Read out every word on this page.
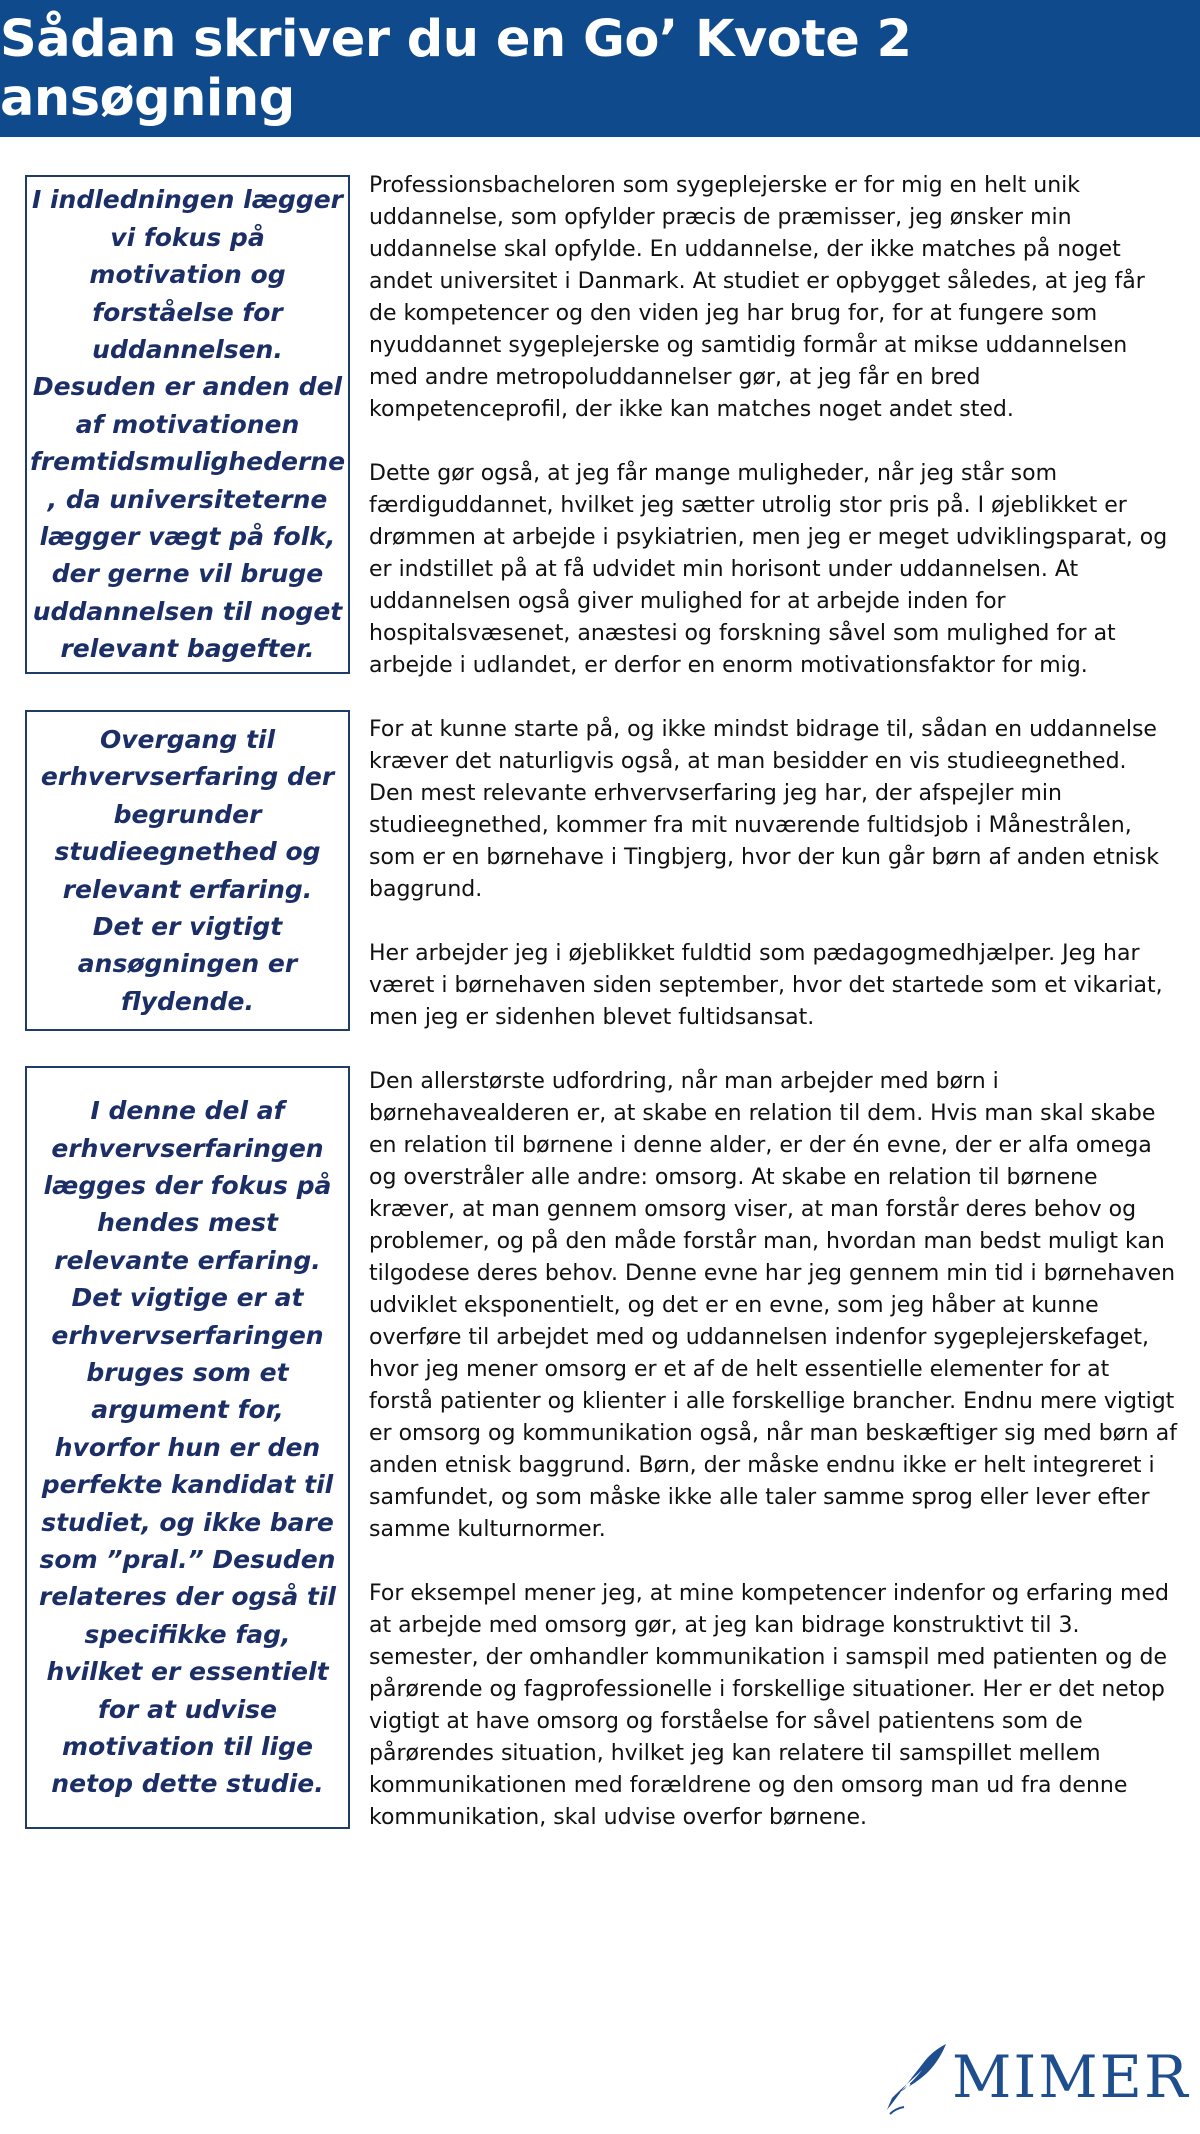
Sådan skriver du en Go’ Kvote 2 ansøgning
I indledningen lægger vi fokus på motivation og forståelse for uddannelsen. Desuden er anden del af motivationen fremtidsmulighederne , da universiteterne lægger vægt på folk, der gerne vil bruge uddannelsen til noget relevant bagefter.
Overgang til erhvervserfaring der begrunder studieegnethed og relevant erfaring. Det er vigtigt ansøgningen er flydende.
I denne del af erhvervserfaringen lægges der fokus på hendes mest relevante erfaring. Det vigtige er at erhvervserfaringen bruges som et argument for, hvorfor hun er den perfekte kandidat til studiet, og ikke bare som ”pral.” Desuden relateres der også til specifikke fag, hvilket er essentielt for at udvise motivation til lige netop dette studie.

Professionsbacheloren som sygeplejerske er for mig en helt unik uddannelse, som opfylder præcis de præmisser, jeg ønsker min uddannelse skal opfylde. En uddannelse, der ikke matches på noget andet universitet i Danmark. At studiet er opbygget således, at jeg får de kompetencer og den viden jeg har brug for, for at fungere som nyuddannet sygeplejerske og samtidig formår at mikse uddannelsen med andre metropoluddannelser gør, at jeg får en bred kompetenceprofil, der ikke kan matches noget andet sted.

Dette gør også, at jeg får mange muligheder, når jeg står som færdiguddannet, hvilket jeg sætter utrolig stor pris på. I øjeblikket er drømmen at arbejde i psykiatrien, men jeg er meget udviklingsparat, og er indstillet på at få udvidet min horisont under uddannelsen. At uddannelsen også giver mulighed for at arbejde inden for hospitalsvæsenet, anæstesi og forskning såvel som mulighed for at arbejde i udlandet, er derfor en enorm motivationsfaktor for mig.

For at kunne starte på, og ikke mindst bidrage til, sådan en uddannelse kræver det naturligvis også, at man besidder en vis studieegnethed. Den mest relevante erhvervserfaring jeg har, der afspejler min studieegnethed, kommer fra mit nuværende fultidsjob i Månestrålen, som er en børnehave i Tingbjerg, hvor der kun går børn af anden etnisk baggrund.

Her arbejder jeg i øjeblikket fuldtid som pædagogmedhjælper. Jeg har været i børnehaven siden september, hvor det startede som et vikariat, men jeg er sidenhen blevet fultidsansat.

Den allerstørste udfordring, når man arbejder med børn i børnehavealderen er, at skabe en relation til dem. Hvis man skal skabe en relation til børnene i denne alder, er der én evne, der er alfa omega og overstråler alle andre: omsorg. At skabe en relation til børnene kræver, at man gennem omsorg viser, at man forstår deres behov og problemer, og på den måde forstår man, hvordan man bedst muligt kan tilgodese deres behov. Denne evne har jeg gennem min tid i børnehaven udviklet eksponentielt, og det er en evne, som jeg håber at kunne overføre til arbejdet med og uddannelsen indenfor sygeplejerskefaget, hvor jeg mener omsorg er et af de helt essentielle elementer for at forstå patienter og klienter i alle forskellige brancher. Endnu mere vigtigt er omsorg og kommunikation også, når man beskæftiger sig med børn af anden etnisk baggrund. Børn, der måske endnu ikke er helt integreret i samfundet, og som måske ikke alle taler samme sprog eller lever efter samme kulturnormer.

For eksempel mener jeg, at mine kompetencer indenfor og erfaring med at arbejde med omsorg gør, at jeg kan bidrage konstruktivt til 3. semester, der omhandler kommunikation i samspil med patienten og de pårørende og fagprofessionelle i forskellige situationer. Her er det netop vigtigt at have omsorg og forståelse for såvel patientens som de pårørendes situation, hvilket jeg kan relatere til samspillet mellem kommunikationen med forældrene og den omsorg man ud fra denne kommunikation, skal udvise overfor børnene.

MIMER
